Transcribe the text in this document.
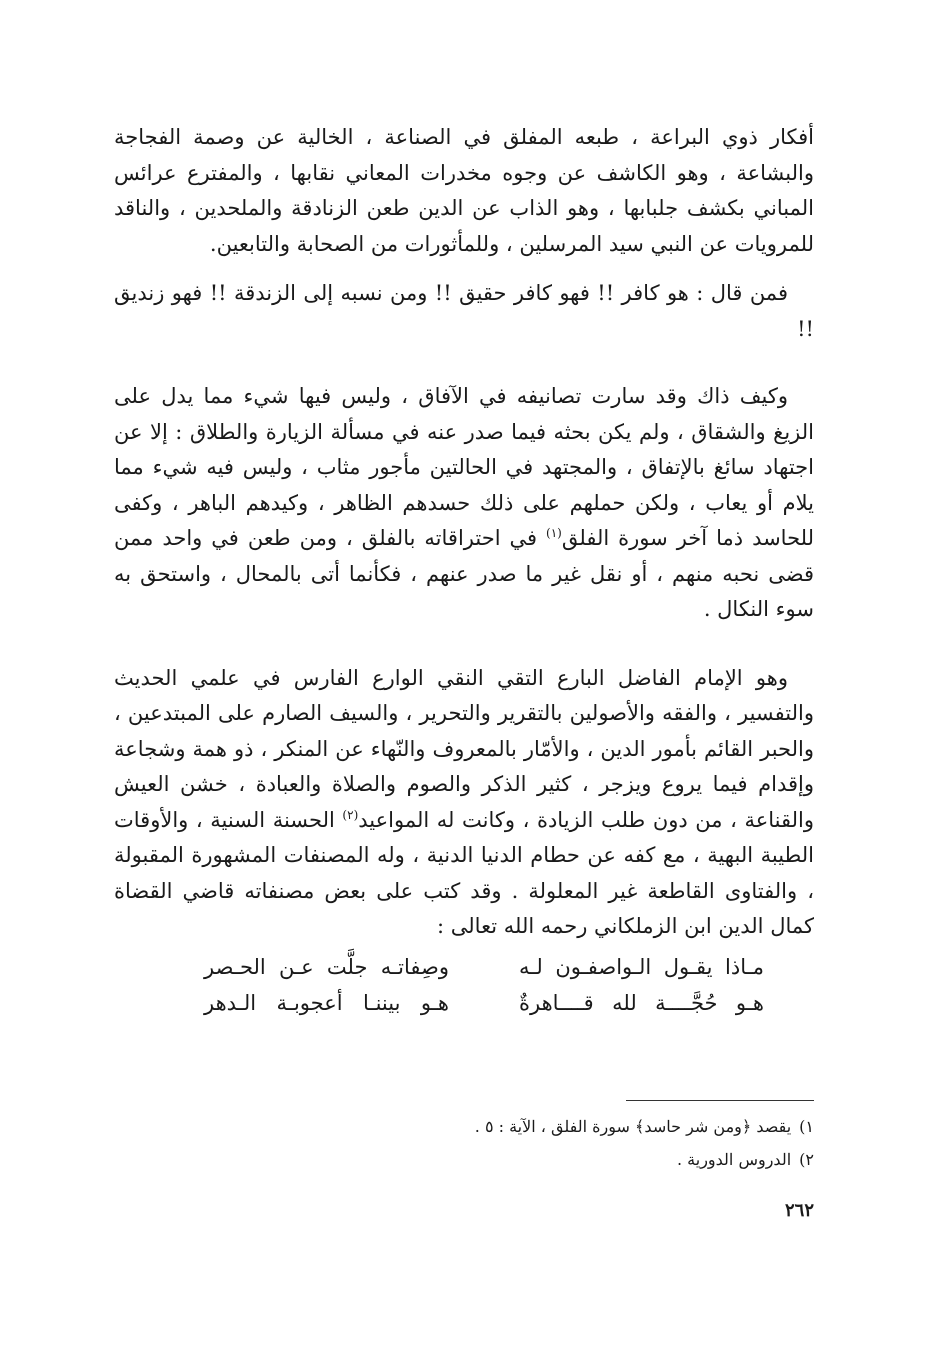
أفكار ذوي البراعة ، طبعه المفلق في الصناعة ، الخالية عن وصمة الفجاجة والبشاعة ، وهو الكاشف عن وجوه مخدرات المعاني نقابها ، والمفترع عرائس المباني بكشف جلبابها ، وهو الذاب عن الدين طعن الزنادقة والملحدين ، والناقد للمرويات عن النبي سيد المرسلين ، وللمأثورات من الصحابة والتابعين.

فمن قال : هو كافر !! فهو كافر حقيق !! ومن نسبه إلى الزندقة !! فهو زنديق !!

وكيف ذاك وقد سارت تصانيفه في الآفاق ، وليس فيها شيء مما يدل على الزيغ والشقاق ، ولم يكن بحثه فيما صدر عنه في مسألة الزيارة والطلاق : إلا عن اجتهاد سائغ بالإتفاق ، والمجتهد في الحالتين مأجور مثاب ، وليس فيه شيء مما يلام أو يعاب ، ولكن حملهم على ذلك حسدهم الظاهر ، وكيدهم الباهر ، وكفى للحاسد ذما آخر سورة الفلق$^{(١)}$ في احتراقاته بالفلق ، ومن طعن في واحد ممن قضى نحبه منهم ، أو نقل غير ما صدر عنهم ، فكأنما أتى بالمحال ، واستحق به سوء النكال .

وهو الإمام الفاضل البارع التقي النقي الوارع الفارس في علمي الحديث والتفسير ، والفقه والأصولين بالتقرير والتحرير ، والسيف الصارم على المبتدعين ، والحبر القائم بأمور الدين ، والأمّار بالمعروف والنّهاء عن المنكر ، ذو همة وشجاعة وإقدام فيما يروع ويزجر ، كثير الذكر والصوم والصلاة والعبادة ، خشن العيش والقناعة ، من دون طلب الزيادة ، وكانت له المواعيد$^{(٢)}$ الحسنة السنية ، والأوقات الطيبة البهية ، مع كفه عن حطام الدنيا الدنية ، وله المصنفات المشهورة المقبولة ، والفتاوى القاطعة غير المعلولة . وقد كتب على بعض مصنفاته قاضي القضاة كمال الدين ابن الزملكاني رحمه الله تعالى :

مـاذا يقـول الـواصفـون لـه
وصِفاتـه جلَّت عـن الحـصر
هـو حُجَّــــة لله قــــاهرةٌ
هـو بيننـا أعجوبـة الـدهر

١)يقصد ﴿ومن شر حاسد﴾ سورة الفلق ، الآية : ٥ .

٢)الدروس الدورية .

٢٦٢
